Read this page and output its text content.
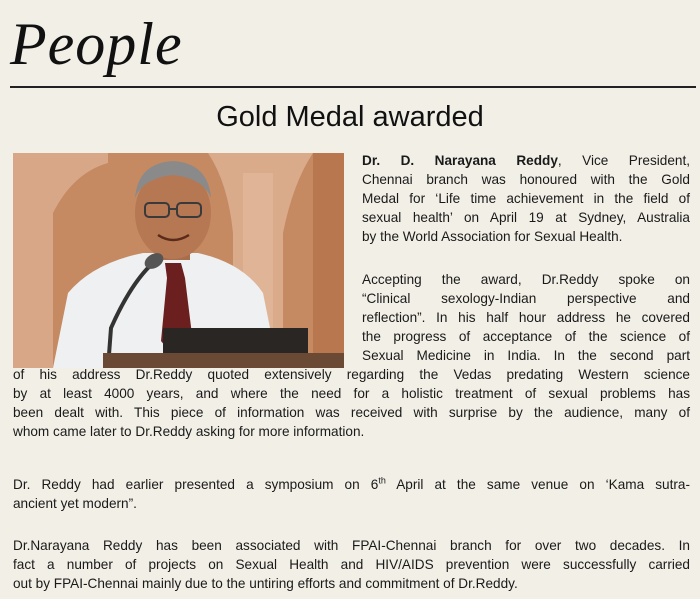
People
Gold Medal awarded
Dr. D. Narayana Reddy, Vice President,
Chennai branch was honoured with the Gold
Medal for ‘Life time achievement in the field of
sexual health’ on April 19 at Sydney, Australia
by the World Association for Sexual Health.
Accepting the award, Dr.Reddy spoke on
“Clinical sexology-Indian perspective and
reflection”. In his half hour address he covered
the progress of acceptance of the science of
Sexual Medicine in India. In the second part
of his address Dr.Reddy quoted extensively regarding the Vedas predating Western science
by at least 4000 years, and where the need for a holistic treatment of sexual problems has
been dealt with. This piece of information was received with surprise by the audience, many of
whom came later to Dr.Reddy asking for more information.
Dr. Reddy had earlier presented a symposium on 6th April at the same venue on ‘Kama sutra-
ancient yet modern”.
Dr.Narayana Reddy has been associated with FPAI-Chennai branch for over two decades. In
fact a number of projects on Sexual Health and HIV/AIDS prevention were successfully carried
out by FPAI-Chennai mainly due to the untiring efforts and commitment of Dr.Reddy.
